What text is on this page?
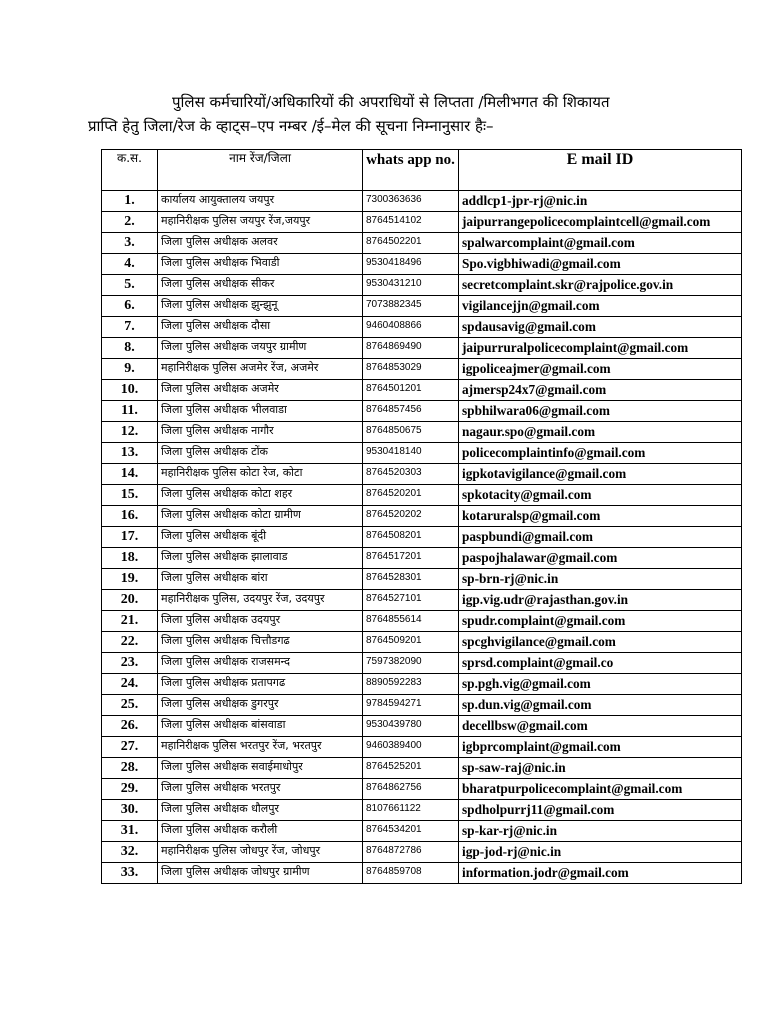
पुलिस कर्मचारियों/अधिकारियों की अपराधियों से लिप्तता /मिलीभगत की शिकायत
प्राप्ति हेतु जिला/रेज के व्हाट्स–एप नम्बर /ई–मेल की सूचना निम्नानुसार हैः–
क.स.	नाम रेंज/जिला	whats app no.	E mail ID
1.	कार्यालय आयुक्तालय जयपुर	7300363636	addlcp1-jpr-rj@nic.in
2.	महानिरीक्षक पुलिस जयपुर रेंज,जयपुर	8764514102	jaipurrangepolicecomplaintcell@gmail.com
3.	जिला पुलिस अधीक्षक अलवर	8764502201	spalwarcomplaint@gmail.com
4.	जिला पुलिस अधीक्षक भिवाडी	9530418496	Spo.vigbhiwadi@gmail.com
5.	जिला पुलिस अधीक्षक सीकर	9530431210	secretcomplaint.skr@rajpolice.gov.in
6.	जिला पुलिस अधीक्षक झुन्झुनू	7073882345	vigilancejjn@gmail.com
7.	जिला पुलिस अधीक्षक दौसा	9460408866	spdausavig@gmail.com
8.	जिला पुलिस अधीक्षक जयपुर ग्रामीण	8764869490	jaipurruralpolicecomplaint@gmail.com
9.	महानिरीक्षक पुलिस अजमेर रेंज, अजमेर	8764853029	igpoliceajmer@gmail.com
10.	जिला पुलिस अधीक्षक अजमेर	8764501201	ajmersp24x7@gmail.com
11.	जिला पुलिस अधीक्षक भीलवाडा	8764857456	spbhilwara06@gmail.com
12.	जिला पुलिस अधीक्षक नागौर	8764850675	nagaur.spo@gmail.com
13.	जिला पुलिस अधीक्षक टोंक	9530418140	policecomplaintinfo@gmail.com
14.	महानिरीक्षक पुलिस कोटा रेज, कोटा	8764520303	igpkotavigilance@gmail.com
15.	जिला पुलिस अधीक्षक कोटा शहर	8764520201	spkotacity@gmail.com
16.	जिला पुलिस अधीक्षक कोटा ग्रामीण	8764520202	kotaruralsp@gmail.com
17.	जिला पुलिस अधीक्षक बूंदी	8764508201	paspbundi@gmail.com
18.	जिला पुलिस अधीक्षक झालावाड	8764517201	paspojhalawar@gmail.com
19.	जिला पुलिस अधीक्षक बांरा	8764528301	sp-brn-rj@nic.in
20.	महानिरीक्षक पुलिस, उदयपुर रेंज, उदयपुर	8764527101	igp.vig.udr@rajasthan.gov.in
21.	जिला पुलिस अधीक्षक उदयपुर	8764855614	spudr.complaint@gmail.com
22.	जिला पुलिस अधीक्षक चित्तौडगढ	8764509201	spcghvigilance@gmail.com
23.	जिला पुलिस अधीक्षक राजसमन्द	7597382090	sprsd.complaint@gmail.co
24.	जिला पुलिस अधीक्षक प्रतापगढ	8890592283	sp.pgh.vig@gmail.com
25.	जिला पुलिस अधीक्षक डुगरपुर	9784594271	sp.dun.vig@gmail.com
26.	जिला पुलिस अधीक्षक बांसवाडा	9530439780	decellbsw@gmail.com
27.	महानिरीक्षक पुलिस भरतपुर रेंज, भरतपुर	9460389400	igbprcomplaint@gmail.com
28.	जिला पुलिस अधीक्षक सवाईमाधोपुर	8764525201	sp-saw-raj@nic.in
29.	जिला पुलिस अधीक्षक भरतपुर	8764862756	bharatpurpolicecomplaint@gmail.com
30.	जिला पुलिस अधीक्षक धौलपुर	8107661122	spdholpurrj11@gmail.com
31.	जिला पुलिस अधीक्षक करौली	8764534201	sp-kar-rj@nic.in
32.	महानिरीक्षक पुलिस जोधपुर रेंज, जोधपुर	8764872786	igp-jod-rj@nic.in
33.	जिला पुलिस अधीक्षक जोधपुर ग्रामीण	8764859708	information.jodr@gmail.com
